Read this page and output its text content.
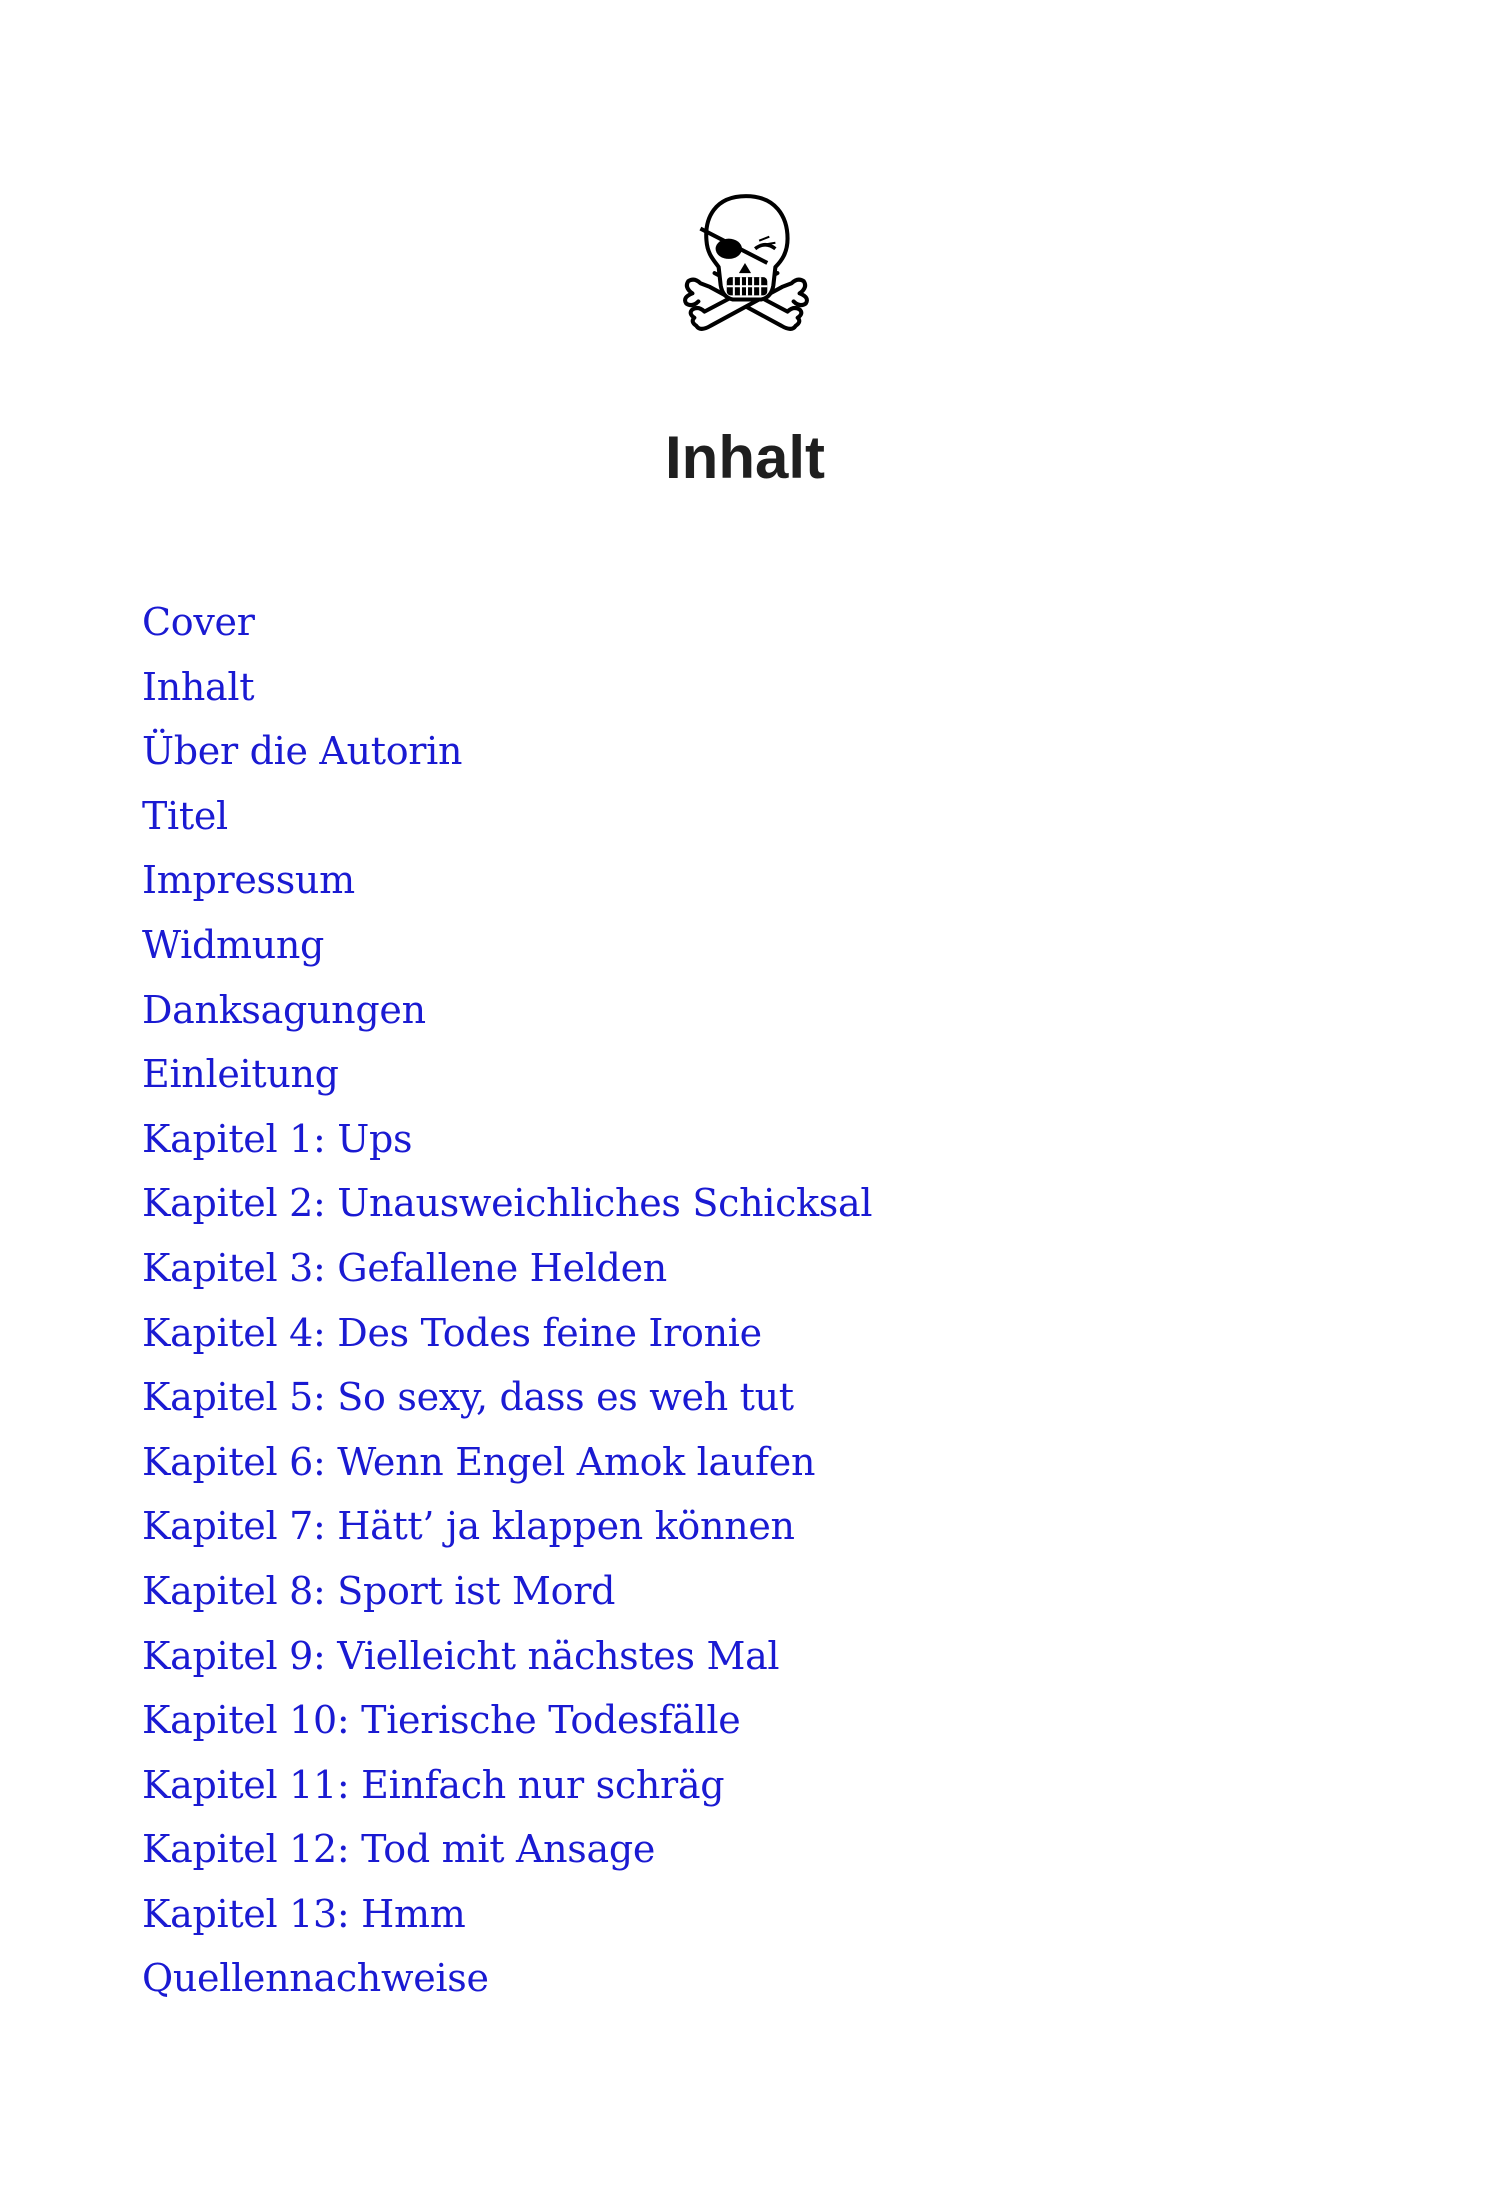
Inhalt
Cover
Inhalt
Über die Autorin
Titel
Impressum
Widmung
Danksagungen
Einleitung
Kapitel 1: Ups
Kapitel 2: Unausweichliches Schicksal
Kapitel 3: Gefallene Helden
Kapitel 4: Des Todes feine Ironie
Kapitel 5: So sexy, dass es weh tut
Kapitel 6: Wenn Engel Amok laufen
Kapitel 7: Hätt’ ja klappen können
Kapitel 8: Sport ist Mord
Kapitel 9: Vielleicht nächstes Mal
Kapitel 10: Tierische Todesfälle
Kapitel 11: Einfach nur schräg
Kapitel 12: Tod mit Ansage
Kapitel 13: Hmm
Quellennachweise
